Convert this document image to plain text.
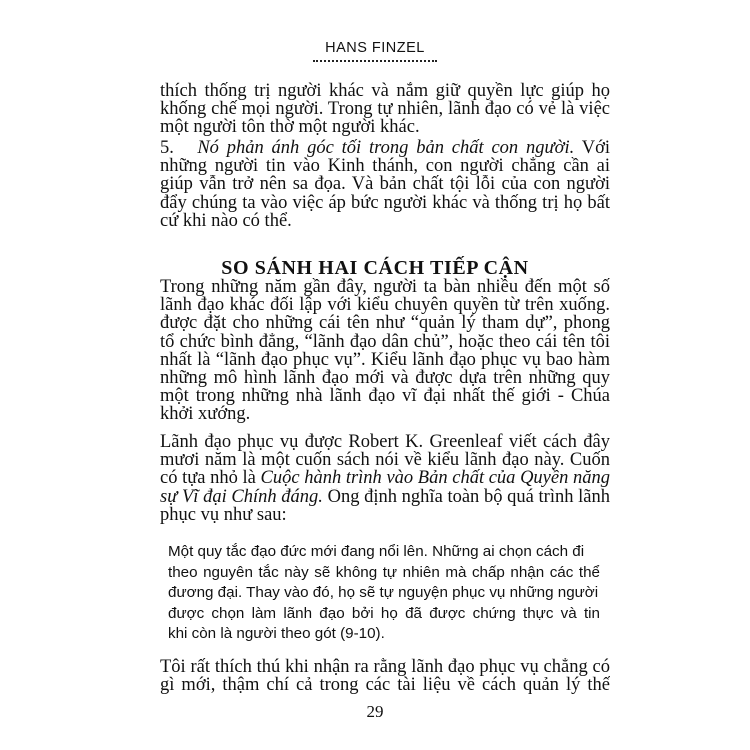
HANS FINZEL
thích thống trị người khác và nắm giữ quyền lực giúp họ
khống chế mọi người. Trong tự nhiên, lãnh đạo có vẻ là việc
một người tôn thờ một người khác.
5. Nó phản ánh góc tối trong bản chất con người. Với
những người tin vào Kinh thánh, con người chẳng cần ai
giúp vẫn trở nên sa đọa. Và bản chất tội lỗi của con người
đẩy chúng ta vào việc áp bức người khác và thống trị họ bất
cứ khi nào có thể.
SO SÁNH HAI CÁCH TIẾP CẬN
Trong những năm gần đây, người ta bàn nhiều đến một số
lãnh đạo khác đối lập với kiểu chuyên quyền từ trên xuống.
được đặt cho những cái tên như “quản lý tham dự”, phong
tổ chức bình đẳng, “lãnh đạo dân chủ”, hoặc theo cái tên tôi
nhất là “lãnh đạo phục vụ”. Kiểu lãnh đạo phục vụ bao hàm
những mô hình lãnh đạo mới và được dựa trên những quy
một trong những nhà lãnh đạo vĩ đại nhất thế giới - Chúa
khởi xướng.
Lãnh đạo phục vụ được Robert K. Greenleaf viết cách đây
mươi năm là một cuốn sách nói về kiểu lãnh đạo này. Cuốn
có tựa nhỏ là Cuộc hành trình vào Bản chất của Quyền năng
sự Vĩ đại Chính đáng. Ông định nghĩa toàn bộ quá trình lãnh
phục vụ như sau:
Một quy tắc đạo đức mới đang nổi lên. Những ai chọn cách đi
theo nguyên tắc này sẽ không tự nhiên mà chấp nhận các thể
đương đại. Thay vào đó, họ sẽ tự nguyện phục vụ những người
được chọn làm lãnh đạo bởi họ đã được chứng thực và tin
khi còn là người theo gót (9-10).
Tôi rất thích thú khi nhận ra rằng lãnh đạo phục vụ chẳng có
gì mới, thậm chí cả trong các tài liệu về cách quản lý thế
29
